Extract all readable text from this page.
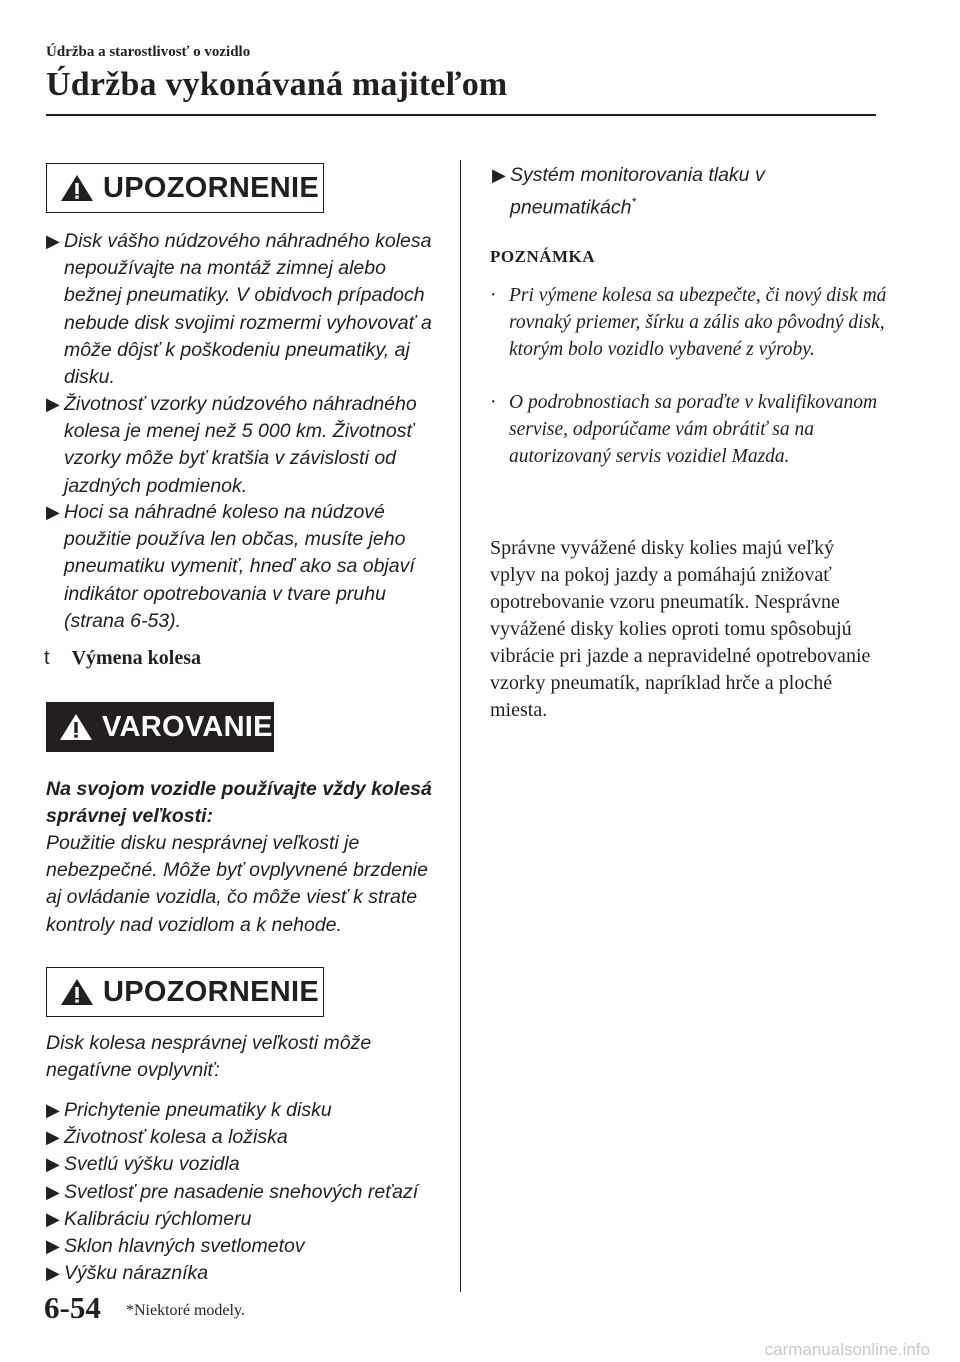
Údržba a starostlivosť o vozidlo
Údržba vykonávaná majiteľom
UPOZORNENIE
▶ Disk vášho núdzového náhradného kolesa nepoužívajte na montáž zimnej alebo bežnej pneumatiky. V obidvoch prípadoch nebude disk svojimi rozmermi vyhovovať a môže dôjsť k poškodeniu pneumatiky, aj disku.
▶ Životnosť vzorky núdzového náhradného kolesa je menej než 5 000 km. Životnosť vzorky môže byť kratšia v závislosti od jazdných podmienok.
▶ Hoci sa náhradné koleso na núdzové použitie používa len občas, musíte jeho pneumatiku vymeniť, hneď ako sa objaví indikátor opotrebovania v tvare pruhu (strana 6-53).
t Výmena kolesa
VAROVANIE
Na svojom vozidle používajte vždy kolesá správnej veľkosti:
Použitie disku nesprávnej veľkosti je nebezpečné. Môže byť ovplyvnené brzdenie aj ovládanie vozidla, čo môže viesť k strate kontroly nad vozidlom a k nehode.
UPOZORNENIE
Disk kolesa nesprávnej veľkosti môže negatívne ovplyvniť:
▶ Prichytenie pneumatiky k disku
▶ Životnosť kolesa a ložiska
▶ Svetlú výšku vozidla
▶ Svetlosť pre nasadenie snehových reťazí
▶ Kalibráciu rýchlomeru
▶ Sklon hlavných svetlometov
▶ Výšku nárazníka
▶ Systém monitorovania tlaku v pneumatikách*
POZNÁMKA
· Pri výmene kolesa sa ubezpečte, či nový disk má rovnaký priemer, šírku a zális ako pôvodný disk, ktorým bolo vozidlo vybavené z výroby.
· O podrobnostiach sa poraďte v kvalifikovanom servise, odporúčame vám obrátiť sa na autorizovaný servis vozidiel Mazda.
Správne vyvážené disky kolies majú veľký vplyv na pokoj jazdy a pomáhajú znižovať opotrebovanie vzoru pneumatík. Nesprávne vyvážené disky kolies oproti tomu spôsobujú vibrácie pri jazde a nepravidelné opotrebovanie vzorky pneumatík, napríklad hrče a ploché miesta.
6-54 *Niektoré modely.
carmanualsonline.info
